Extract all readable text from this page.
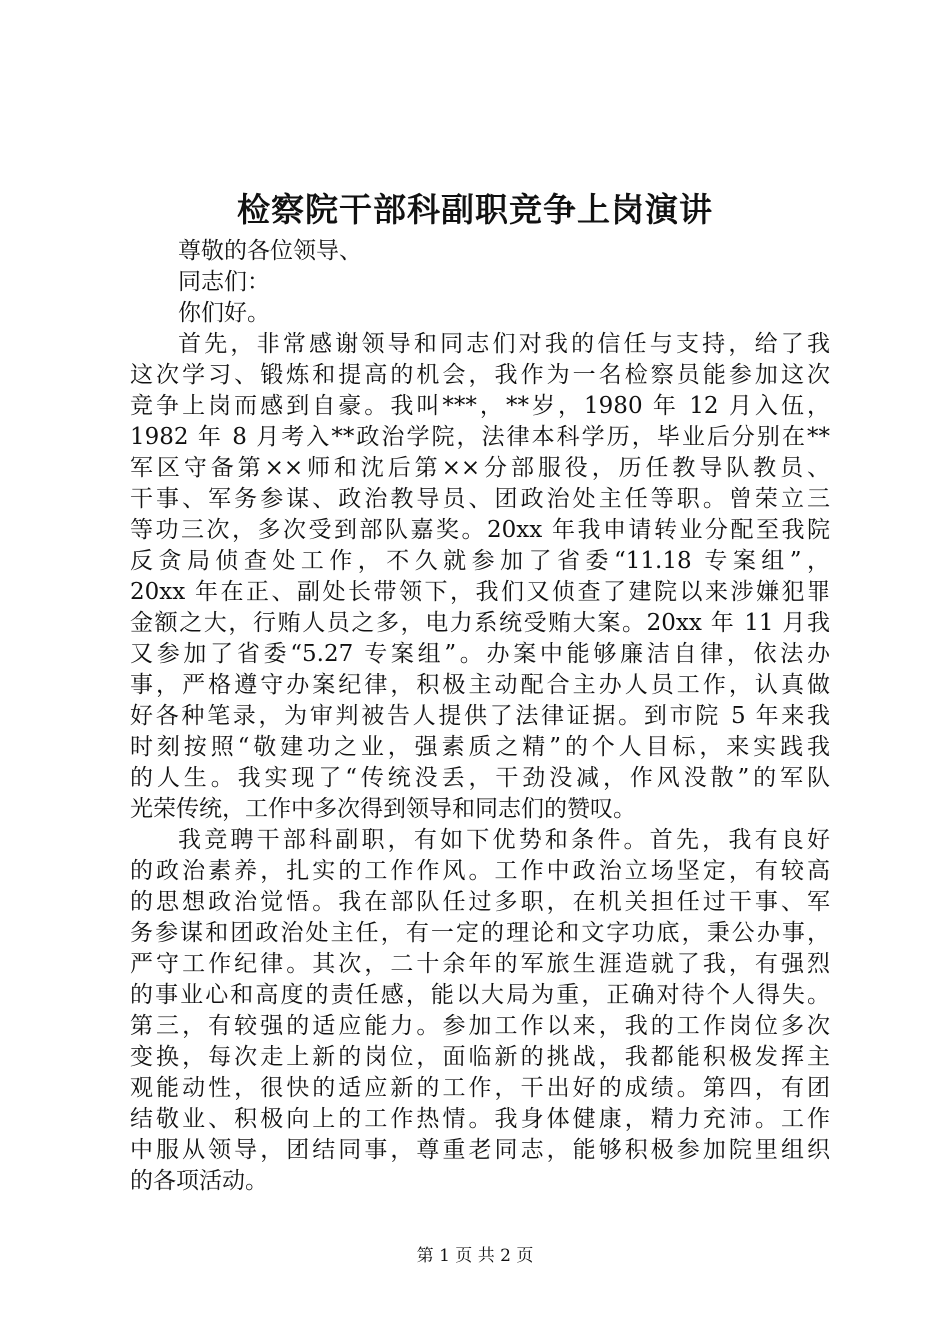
检察院干部科副职竞争上岗演讲
尊敬的各位领导、
同志们：
你们好。
首先，非常感谢领导和同志们对我的信任与支持，给了我
这次学习、锻炼和提高的机会，我作为一名检察员能参加这次
竞争上岗而感到自豪。我叫***，**岁，1980 年 12 月入伍，
1982 年 8 月考入**政治学院，法律本科学历，毕业后分别在**
军区守备第××师和沈后第××分部服役，历任教导队教员、
干事、军务参谋、政治教导员、团政治处主任等职。曾荣立三
等功三次，多次受到部队嘉奖。20xx 年我申请转业分配至我院
反贪局侦查处工作，不久就参加了省委“11.18 专案组”，
20xx 年在正、副处长带领下，我们又侦查了建院以来涉嫌犯罪
金额之大，行贿人员之多，电力系统受贿大案。20xx 年 11 月我
又参加了省委“5.27 专案组”。办案中能够廉洁自律，依法办
事，严格遵守办案纪律，积极主动配合主办人员工作，认真做
好各种笔录，为审判被告人提供了法律证据。到市院 5 年来我
时刻按照“敬建功之业，强素质之精”的个人目标，来实践我
的人生。我实现了“传统没丢，干劲没减，作风没散”的军队
光荣传统，工作中多次得到领导和同志们的赞叹。
我竞聘干部科副职，有如下优势和条件。首先，我有良好
的政治素养，扎实的工作作风。工作中政治立场坚定，有较高
的思想政治觉悟。我在部队任过多职，在机关担任过干事、军
务参谋和团政治处主任，有一定的理论和文字功底，秉公办事，
严守工作纪律。其次，二十余年的军旅生涯造就了我，有强烈
的事业心和高度的责任感，能以大局为重，正确对待个人得失。
第三，有较强的适应能力。参加工作以来，我的工作岗位多次
变换，每次走上新的岗位，面临新的挑战，我都能积极发挥主
观能动性，很快的适应新的工作，干出好的成绩。第四，有团
结敬业、积极向上的工作热情。我身体健康，精力充沛。工作
中服从领导，团结同事，尊重老同志，能够积极参加院里组织
的各项活动。
第 1 页 共 2 页
